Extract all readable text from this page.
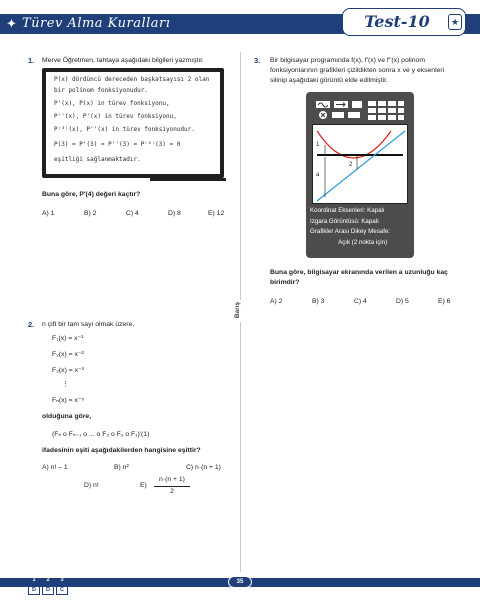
✦ Türev Alma Kuralları	Test-10	★
1. Merve Öğretmen, tahtaya aşağıdaki bilgileri yazmıştır.
P(x) dördüncü dereceden başkatsayısı 2 olan
bir polinom fonksiyonudur.
P'(x), P(x) in türev fonksiyonu,
P''(x), P'(x) in türev fonksiyonu,
P⁽³⁾(x), P''(x) in türev fonksiyonudur.
P(3) = P'(3) = P''(3) = P⁽³⁾(3) = 0
eşitliği sağlanmaktadır.
Buna göre, P'(4) değeri kaçtır?
A) 1	B) 2	C) 4	D) 8	E) 12
2. n çift bir tam sayı olmak üzere,
F₁(x) = x⁻¹
F₂(x) = x⁻²
F₃(x) = x⁻³
⋮
Fₙ(x) = x⁻ⁿ
olduğuna göre,
(Fₙ o Fₙ₋₁ o ... o F₃ o F₂ o F₁)'(1)
ifadesinin eşiti aşağıdakilerden hangisine eşittir?
A) n! – 1	B) n²	C) n·(n + 1)
D) n!	E)
n·(n + 1)
2
Barış
3. Bir bilgisayar programında f(x), f'(x) ve f''(x) polinom
fonksiyonlarının grafikleri çizildikten sonra x ve y eksenleri
silinip aşağıdaki görüntü elde edilmiştir.
1
a
2
Koordinat Eksenleri: Kapalı
Izgara Görüntüsü: Kapalı
Grafikler Arası Dikey Mesafe:
Açık (2 nokta için)
Buna göre, bilgisayar ekranında verilen a uzunluğu kaç
birimdir?
A) 2	B) 3	C) 4	D) 5	E) 6
1	2	3
D	D	C
35
